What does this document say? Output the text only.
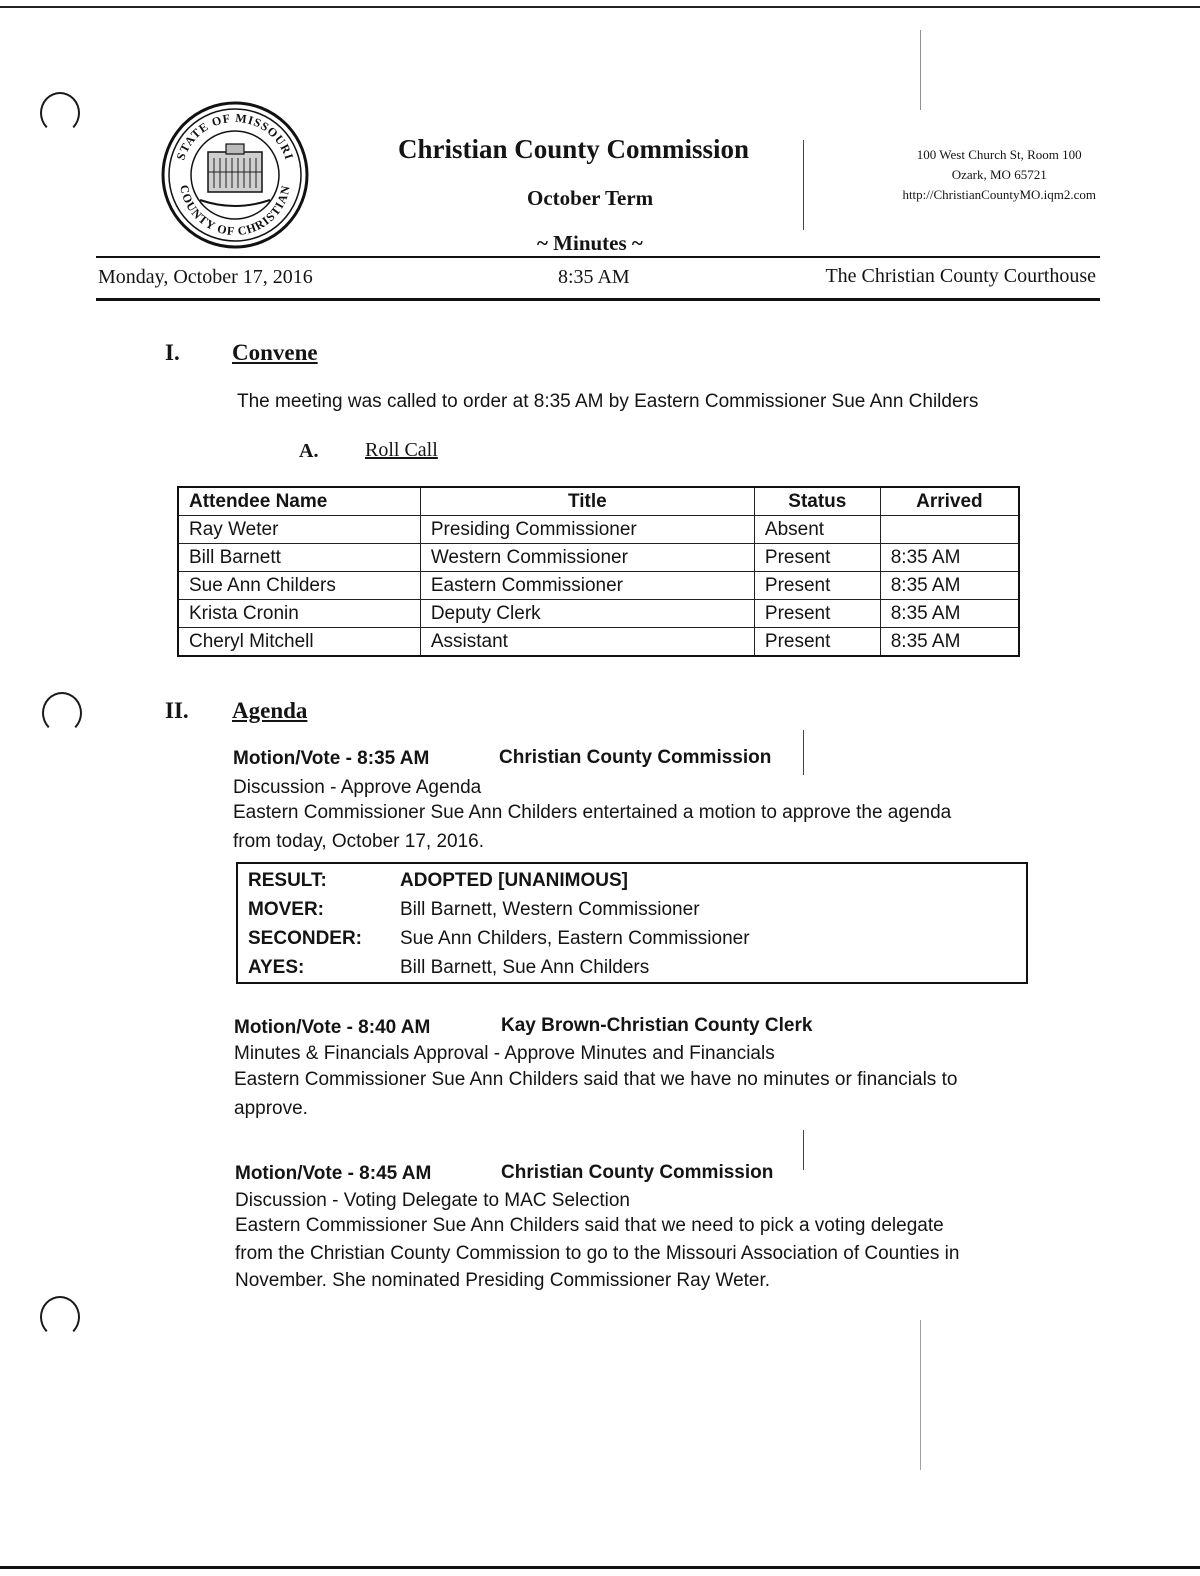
STATE OF MISSOURI
COUNTY OF CHRISTIAN
Christian County Commission
October Term
~ Minutes ~
100 West Church St, Room 100
Ozark, MO 65721
http://ChristianCountyMO.iqm2.com
Monday, October 17, 2016	8:35 AM	The Christian County Courthouse
I. Convene
The meeting was called to order at 8:35 AM by Eastern Commissioner Sue Ann Childers
A. Roll Call
Attendee Name	Title	Status	Arrived
Ray Weter	Presiding Commissioner	Absent	
Bill Barnett	Western Commissioner	Present	8:35 AM
Sue Ann Childers	Eastern Commissioner	Present	8:35 AM
Krista Cronin	Deputy Clerk	Present	8:35 AM
Cheryl Mitchell	Assistant	Present	8:35 AM
II. Agenda
Motion/Vote - 8:35 AM	Christian County Commission
Discussion - Approve Agenda
Eastern Commissioner Sue Ann Childers entertained a motion to approve the agenda
from today, October 17, 2016.
RESULT:	ADOPTED [UNANIMOUS]
MOVER:	Bill Barnett, Western Commissioner
SECONDER: Sue Ann Childers, Eastern Commissioner
AYES:	Bill Barnett, Sue Ann Childers
Motion/Vote - 8:40 AM	Kay Brown-Christian County Clerk
Minutes & Financials Approval - Approve Minutes and Financials
Eastern Commissioner Sue Ann Childers said that we have no minutes or financials to
approve.
Motion/Vote - 8:45 AM	Christian County Commission
Discussion - Voting Delegate to MAC Selection
Eastern Commissioner Sue Ann Childers said that we need to pick a voting delegate
from the Christian County Commission to go to the Missouri Association of Counties in
November. She nominated Presiding Commissioner Ray Weter.
